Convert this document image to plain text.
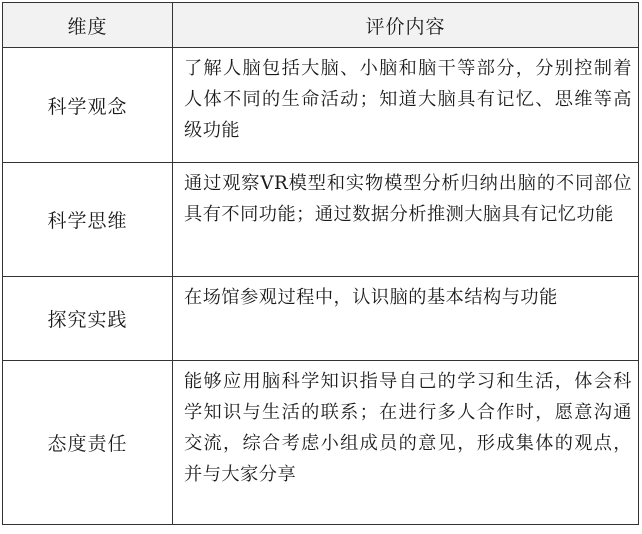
维度	评价内容
科学观念	了解人脑包括大脑、小脑和脑干等部分，分别控制着人体不同的生命活动；知道大脑具有记忆、思维等高级功能
科学思维	通过观察VR模型和实物模型分析归纳出脑的不同部位具有不同功能；通过数据分析推测大脑具有记忆功能
探究实践	在场馆参观过程中，认识脑的基本结构与功能
态度责任	能够应用脑科学知识指导自己的学习和生活，体会科学知识与生活的联系；在进行多人合作时，愿意沟通交流，综合考虑小组成员的意见，形成集体的观点，并与大家分享
